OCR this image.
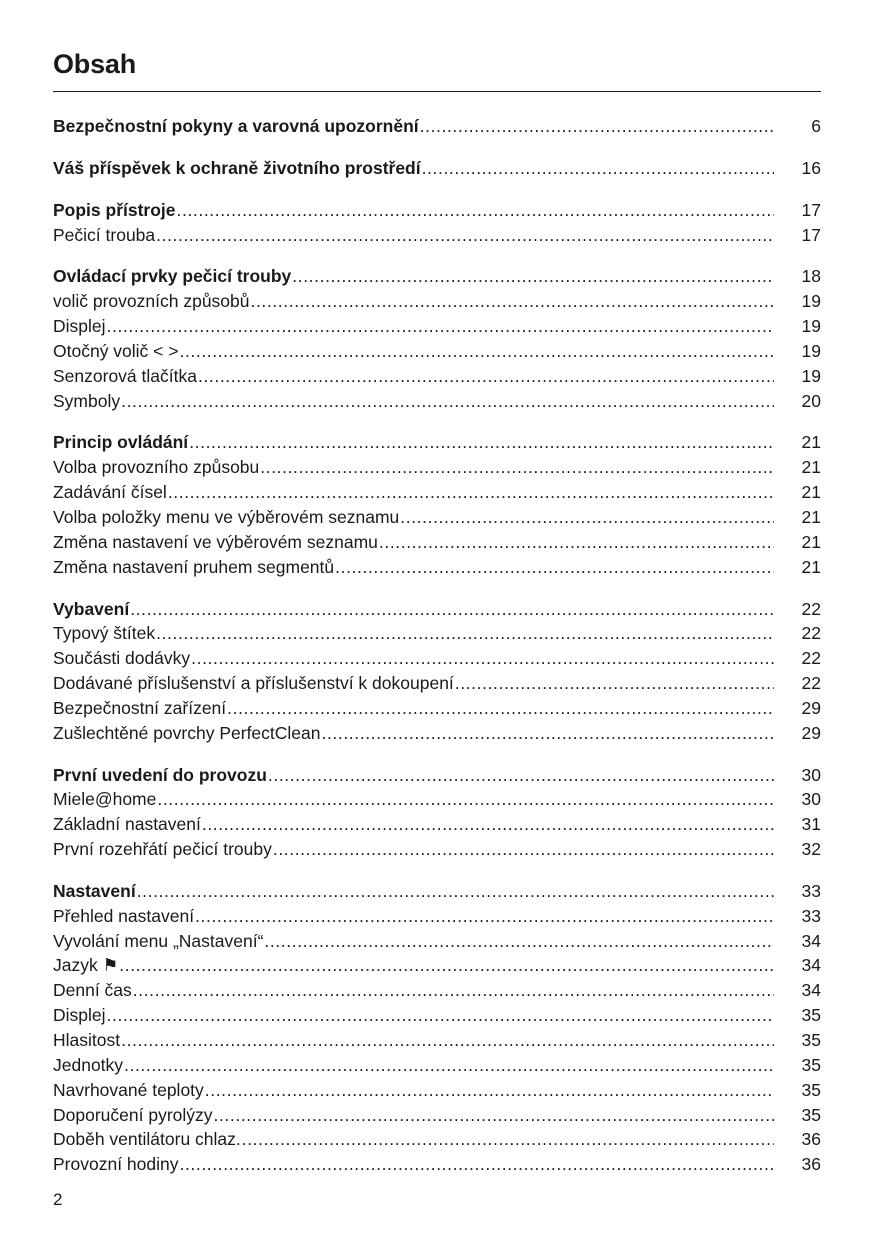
Obsah
Bezpečnostní pokyny a varovná upozornění .....	6
Váš příspěvek k ochraně životního prostředí .....	16
Popis přístroje .....	17
Pečicí trouba .....	17
Ovládací prvky pečicí trouby .....	18
volič provozních způsobů .....	19
Displej .....	19
Otočný volič < > .....	19
Senzorová tlačítka .....	19
Symboly .....	20
Princip ovládání .....	21
Volba provozního způsobu .....	21
Zadávání čísel .....	21
Volba položky menu ve výběrovém seznamu .....	21
Změna nastavení ve výběrovém seznamu .....	21
Změna nastavení pruhem segmentů .....	21
Vybavení .....	22
Typový štítek .....	22
Součásti dodávky .....	22
Dodávané příslušenství a příslušenství k dokoupení .....	22
Bezpečnostní zařízení .....	29
Zušlechtěné povrchy PerfectClean .....	29
První uvedení do provozu .....	30
Miele@home .....	30
Základní nastavení .....	31
První rozehřátí pečicí trouby .....	32
Nastavení .....	33
Přehled nastavení .....	33
Vyvolání menu „Nastavení“ .....	34
Jazyk ⚑ .....	34
Denní čas .....	34
Displej .....	35
Hlasitost .....	35
Jednotky .....	35
Navrhované teploty .....	35
Doporučení pyrolýzy .....	35
Doběh ventilátoru chlaz. .....	36
Provozní hodiny .....	36
2
